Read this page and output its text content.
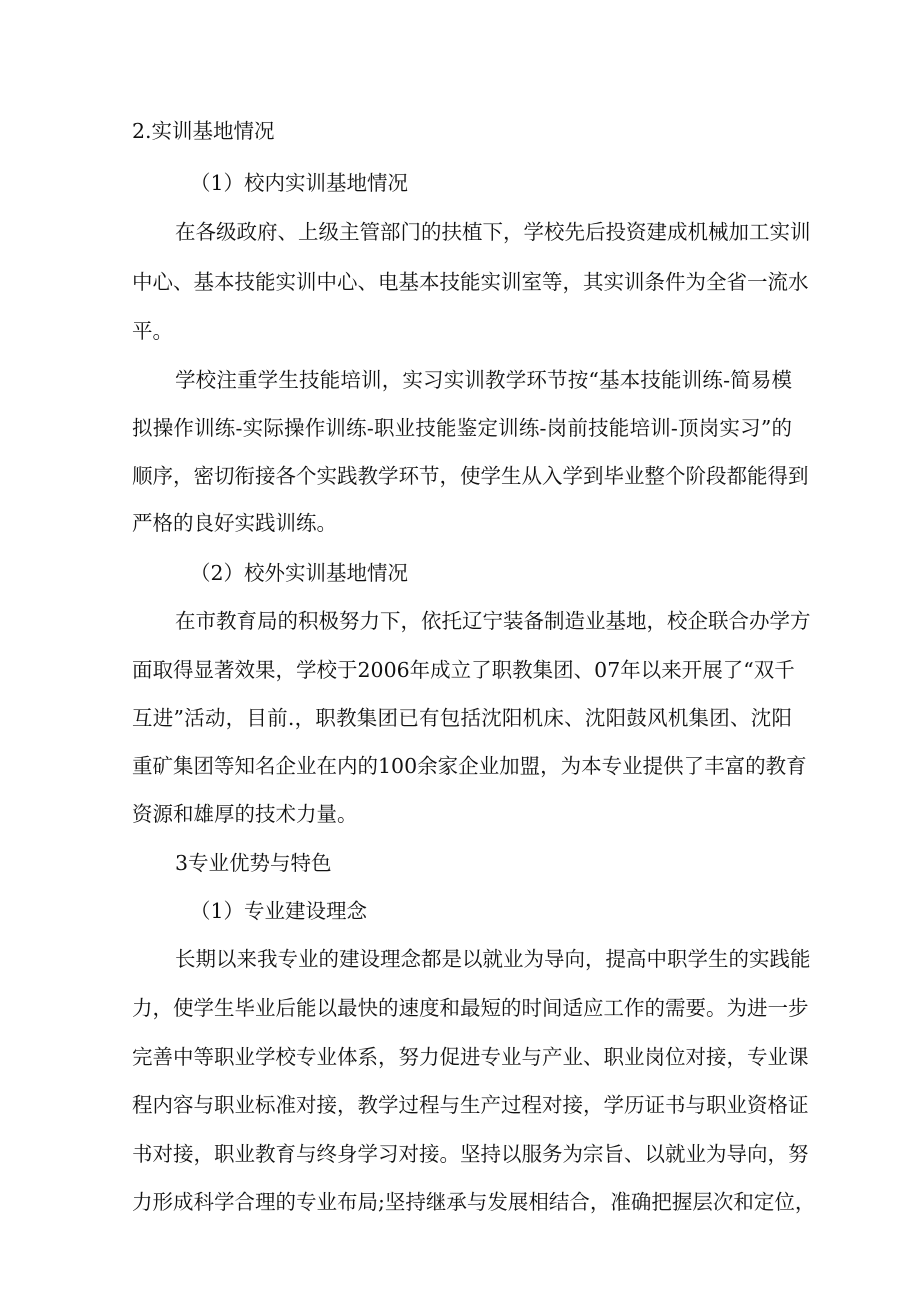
2.实训基地情况
（1）校内实训基地情况
在各级政府、上级主管部门的扶植下，学校先后投资建成机械加工实训
中心、基本技能实训中心、电基本技能实训室等，其实训条件为全省一流水
平。
学校注重学生技能培训，实习实训教学环节按“基本技能训练-简易模
拟操作训练-实际操作训练-职业技能鉴定训练-岗前技能培训-顶岗实习”的
顺序，密切衔接各个实践教学环节，使学生从入学到毕业整个阶段都能得到
严格的良好实践训练。
（2）校外实训基地情况
在市教育局的积极努力下，依托辽宁装备制造业基地，校企联合办学方
面取得显著效果，学校于2006年成立了职教集团、07年以来开展了“双千
互进”活动，目前.，职教集团已有包括沈阳机床、沈阳鼓风机集团、沈阳
重矿集团等知名企业在内的100余家企业加盟，为本专业提供了丰富的教育
资源和雄厚的技术力量。
3专业优势与特色
（1）专业建设理念
长期以来我专业的建设理念都是以就业为导向，提高中职学生的实践能
力，使学生毕业后能以最快的速度和最短的时间适应工作的需要。为进一步
完善中等职业学校专业体系，努力促进专业与产业、职业岗位对接，专业课
程内容与职业标准对接，教学过程与生产过程对接，学历证书与职业资格证
书对接，职业教育与终身学习对接。坚持以服务为宗旨、以就业为导向，努
力形成科学合理的专业布局;坚持继承与发展相结合，准确把握层次和定位，
